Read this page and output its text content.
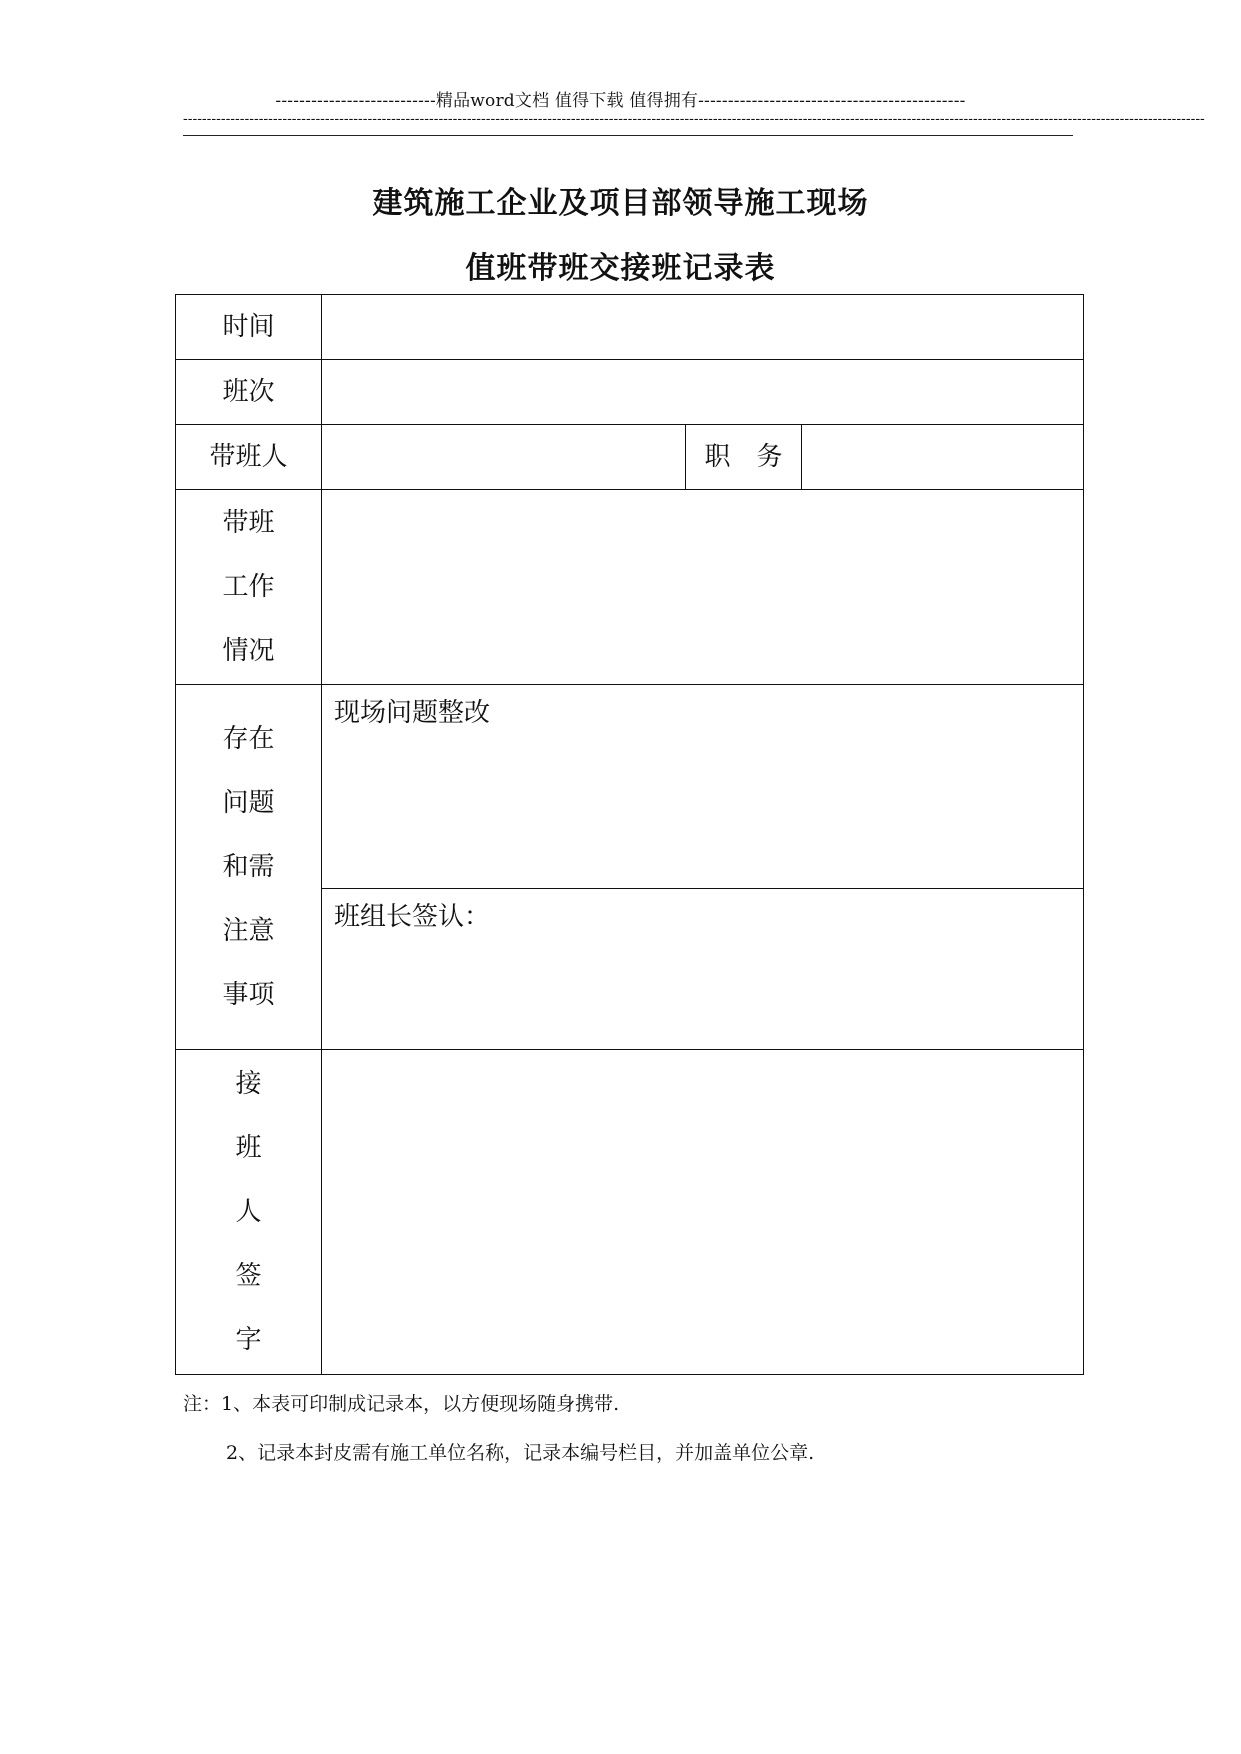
---------------------------精品word文档 值得下载 值得拥有---------------------------------------------
------------------------------------------------------------------------------------------------------------------------------------------------------------------------------------------------------------------------
建筑施工企业及项目部领导施工现场
值班带班交接班记录表
时间			
班次			
带班人		职　务	

带班
工作
情况			

存在
问题
和需
注意
事项	现场问题整改		

	班组长签认：		

接
班
人
签
字			

注：1、本表可印制成记录本，以方便现场随身携带.
2、记录本封皮需有施工单位名称，记录本编号栏目，并加盖单位公章.
